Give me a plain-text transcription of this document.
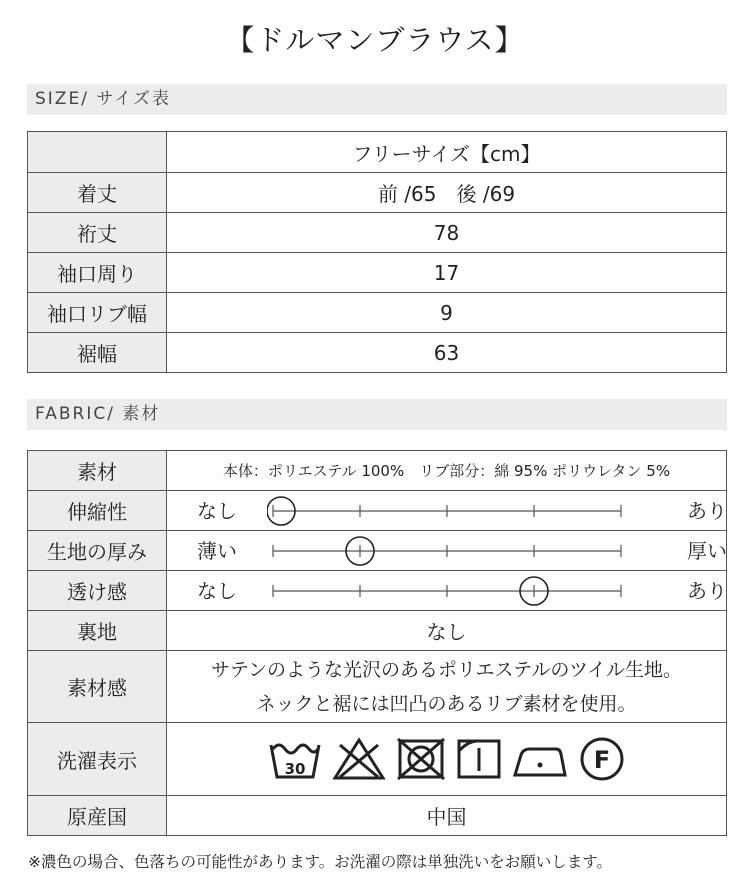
【ドルマンブラウス】
SIZE/ サイズ表
	フリーサイズ【cm】
着丈	前 /65　後 /69
裄丈	78
袖口周り	17
袖口リブ幅	9
裾幅	63
FABRIC/ 素材
素材	本体：ポリエステル 100%　リブ部分：綿 95% ポリウレタン 5%
伸縮性	なし あり

生地の厚み	薄い 厚い

透け感	なし あり

裏地	なし
素材感	サテンのような光沢のあるポリエステルのツイル生地。
ネックと裾には凹凸のあるリブ素材を使用。

洗濯表示	30 F

原産国	中国
※濃色の場合、色落ちの可能性があります。お洗濯の際は単独洗いをお願いします。
